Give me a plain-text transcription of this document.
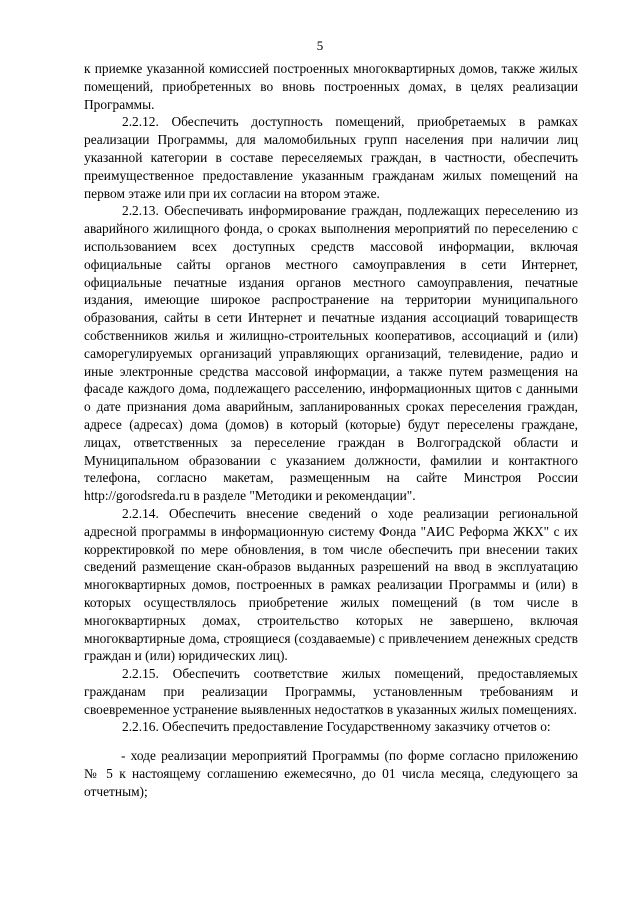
5

к приемке указанной комиссией построенных многоквартирных домов, также жилых помещений, приобретенных во вновь построенных домах, в целях реализации Программы.

2.2.12. Обеспечить доступность помещений, приобретаемых в рамках реализации Программы, для маломобильных групп населения при наличии лиц указанной категории в составе переселяемых граждан, в частности, обеспечить преимущественное предоставление указанным гражданам жилых помещений на первом этаже или при их согласии на втором этаже.

2.2.13. Обеспечивать информирование граждан, подлежащих переселению из аварийного жилищного фонда, о сроках выполнения мероприятий по переселению с использованием всех доступных средств массовой информации, включая официальные сайты органов местного самоуправления в сети Интернет, официальные печатные издания органов местного самоуправления, печатные издания, имеющие широкое распространение на территории муниципального образования, сайты в сети Интернет и печатные издания ассоциаций товариществ собственников жилья и жилищно-строительных кооперативов, ассоциаций и (или) саморегулируемых организаций управляющих организаций, телевидение, радио и иные электронные средства массовой информации, а также путем размещения на фасаде каждого дома, подлежащего расселению, информационных щитов с данными о дате признания дома аварийным, запланированных сроках переселения граждан, адресе (адресах) дома (домов) в который (которые) будут переселены граждане, лицах, ответственных за переселение граждан в Волгоградской области и Муниципальном образовании с указанием должности, фамилии и контактного телефона, согласно макетам, размещенным на сайте Минстроя России http://gorodsreda.ru в разделе "Методики и рекомендации".

2.2.14. Обеспечить внесение сведений о ходе реализации региональной адресной программы в информационную систему Фонда "АИС Реформа ЖКХ" с их корректировкой по мере обновления, в том числе обеспечить при внесении таких сведений размещение скан-образов выданных разрешений на ввод в эксплуатацию многоквартирных домов, построенных в рамках реализации Программы и (или) в которых осуществлялось приобретение жилых помещений (в том числе в многоквартирных домах, строительство которых не завершено, включая многоквартирные дома, строящиеся (создаваемые) с привлечением денежных средств граждан и (или) юридических лиц).

2.2.15. Обеспечить соответствие жилых помещений, предоставляемых гражданам при реализации Программы, установленным требованиям и своевременное устранение выявленных недостатков в указанных жилых помещениях.

2.2.16. Обеспечить предоставление Государственному заказчику отчетов о:

- ходе реализации мероприятий Программы (по форме согласно приложению № 5 к настоящему соглашению ежемесячно, до 01 числа месяца, следующего за отчетным);
